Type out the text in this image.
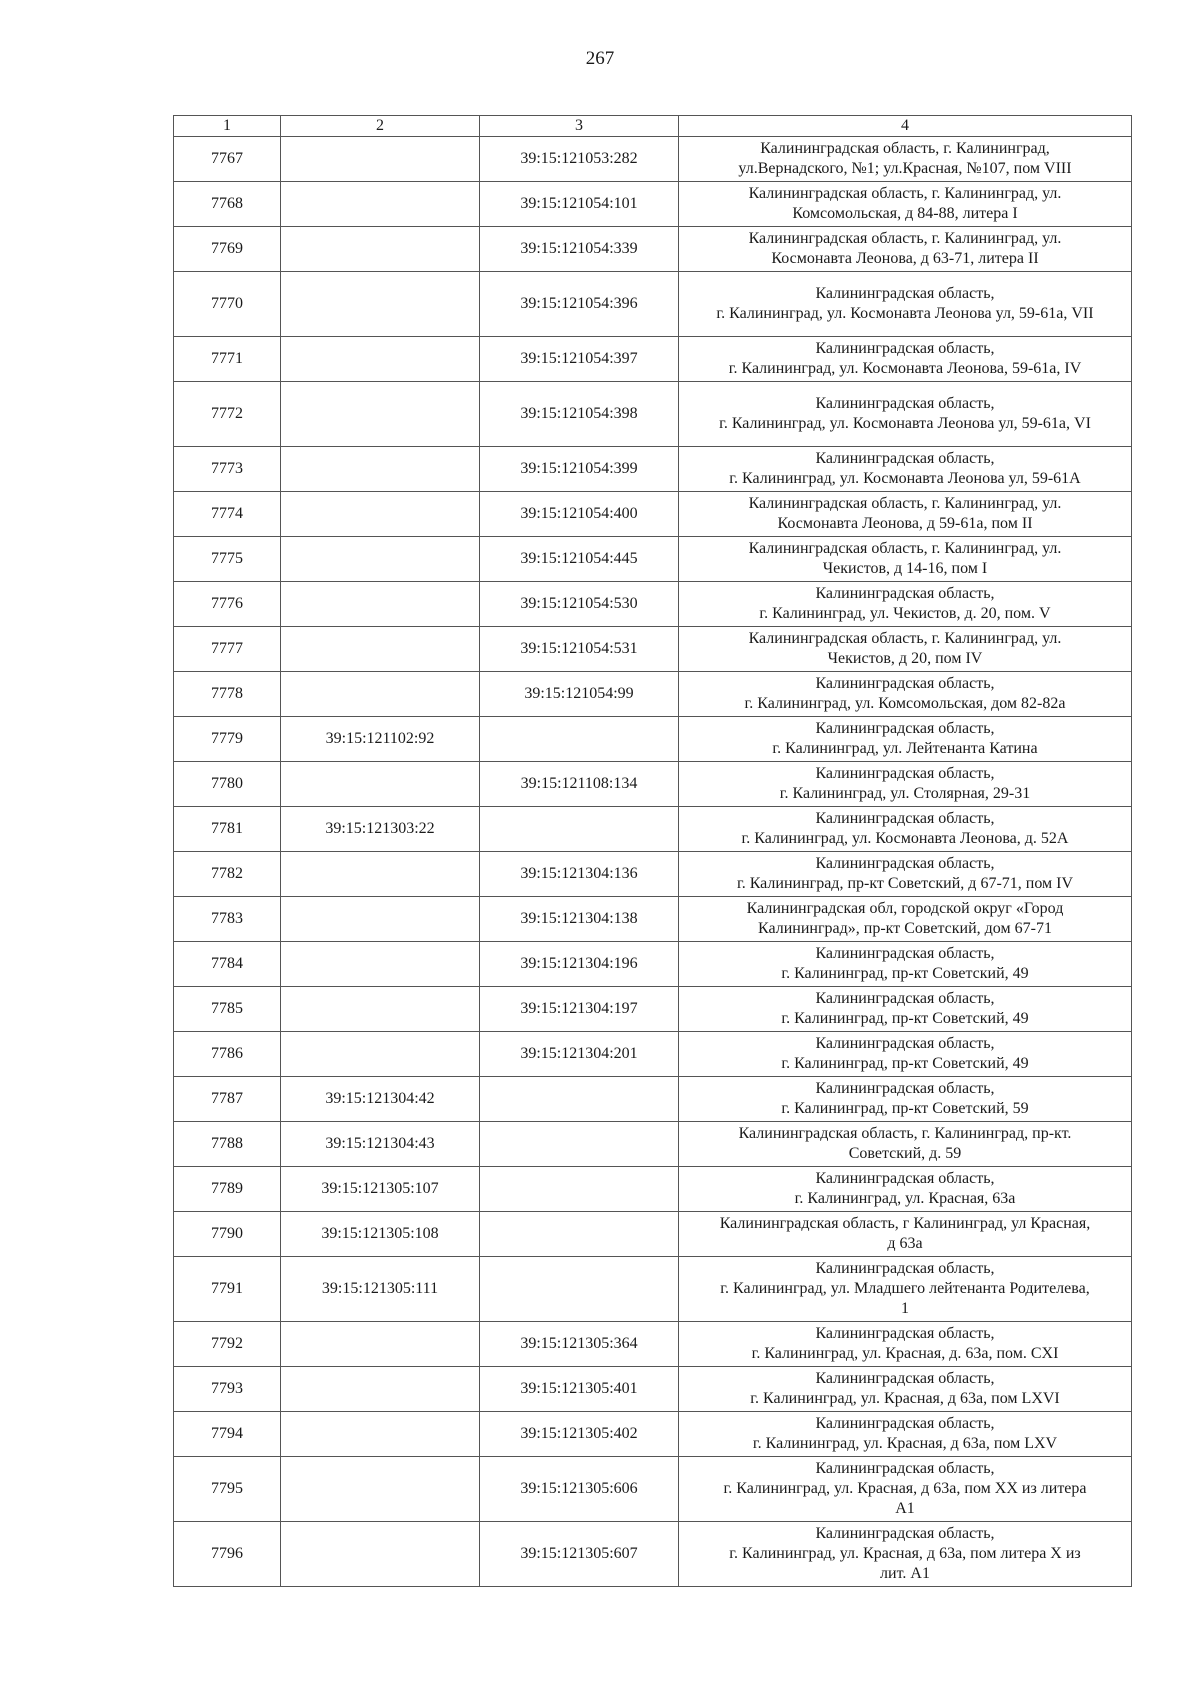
267
1	2	3	4
7767		39:15:121053:282	Калининградская область, г. Калининград,
ул.Вернадского, №1; ул.Красная, №107, пом VIII
7768		39:15:121054:101	Калининградская область, г. Калининград, ул.
Комсомольская, д 84-88, литера I
7769		39:15:121054:339	Калининградская область, г. Калининград, ул.
Космонавта Леонова, д 63-71, литера II
7770		39:15:121054:396	Калининградская область,
г. Калининград, ул. Космонавта Леонова ул, 59-61а, VII
7771		39:15:121054:397	Калининградская область,
г. Калининград, ул. Космонавта Леонова, 59-61а, IV
7772		39:15:121054:398	Калининградская область,
г. Калининград, ул. Космонавта Леонова ул, 59-61а, VI
7773		39:15:121054:399	Калининградская область,
г. Калининград, ул. Космонавта Леонова ул, 59-61А
7774		39:15:121054:400	Калининградская область, г. Калининград, ул.
Космонавта Леонова, д 59-61а, пом II
7775		39:15:121054:445	Калининградская область, г. Калининград, ул.
Чекистов, д 14-16, пом I
7776		39:15:121054:530	Калининградская область,
г. Калининград, ул. Чекистов, д. 20, пом. V
7777		39:15:121054:531	Калининградская область, г. Калининград, ул.
Чекистов, д 20, пом IV
7778		39:15:121054:99	Калининградская область,
г. Калининград, ул. Комсомольская, дом 82-82а
7779	39:15:121102:92		Калининградская область,
г. Калининград, ул. Лейтенанта Катина
7780		39:15:121108:134	Калининградская область,
г. Калининград, ул. Столярная, 29-31
7781	39:15:121303:22		Калининградская область,
г. Калининград, ул. Космонавта Леонова, д. 52А
7782		39:15:121304:136	Калининградская область,
г. Калининград, пр-кт Советский, д 67-71, пом IV
7783		39:15:121304:138	Калининградская обл, городской округ «Город
Калининград», пр-кт Советский, дом 67-71
7784		39:15:121304:196	Калининградская область,
г. Калининград, пр-кт Советский, 49
7785		39:15:121304:197	Калининградская область,
г. Калининград, пр-кт Советский, 49
7786		39:15:121304:201	Калининградская область,
г. Калининград, пр-кт Советский, 49
7787	39:15:121304:42		Калининградская область,
г. Калининград, пр-кт Советский, 59
7788	39:15:121304:43		Калининградская область, г. Калининград, пр-кт.
Советский, д. 59
7789	39:15:121305:107		Калининградская область,
г. Калининград, ул. Красная, 63а
7790	39:15:121305:108		Калининградская область, г Калининград, ул Красная,
д 63а
7791	39:15:121305:111		Калининградская область,
г. Калининград, ул. Младшего лейтенанта Родителева,
1
7792		39:15:121305:364	Калининградская область,
г. Калининград, ул. Красная, д. 63а, пом. CXI
7793		39:15:121305:401	Калининградская область,
г. Калининград, ул. Красная, д 63а, пом LXVI
7794		39:15:121305:402	Калининградская область,
г. Калининград, ул. Красная, д 63а, пом LXV
7795		39:15:121305:606	Калининградская область,
г. Калининград, ул. Красная, д 63а, пом XX из литера
А1
7796		39:15:121305:607	Калининградская область,
г. Калининград, ул. Красная, д 63а, пом литера X из
лит. А1
